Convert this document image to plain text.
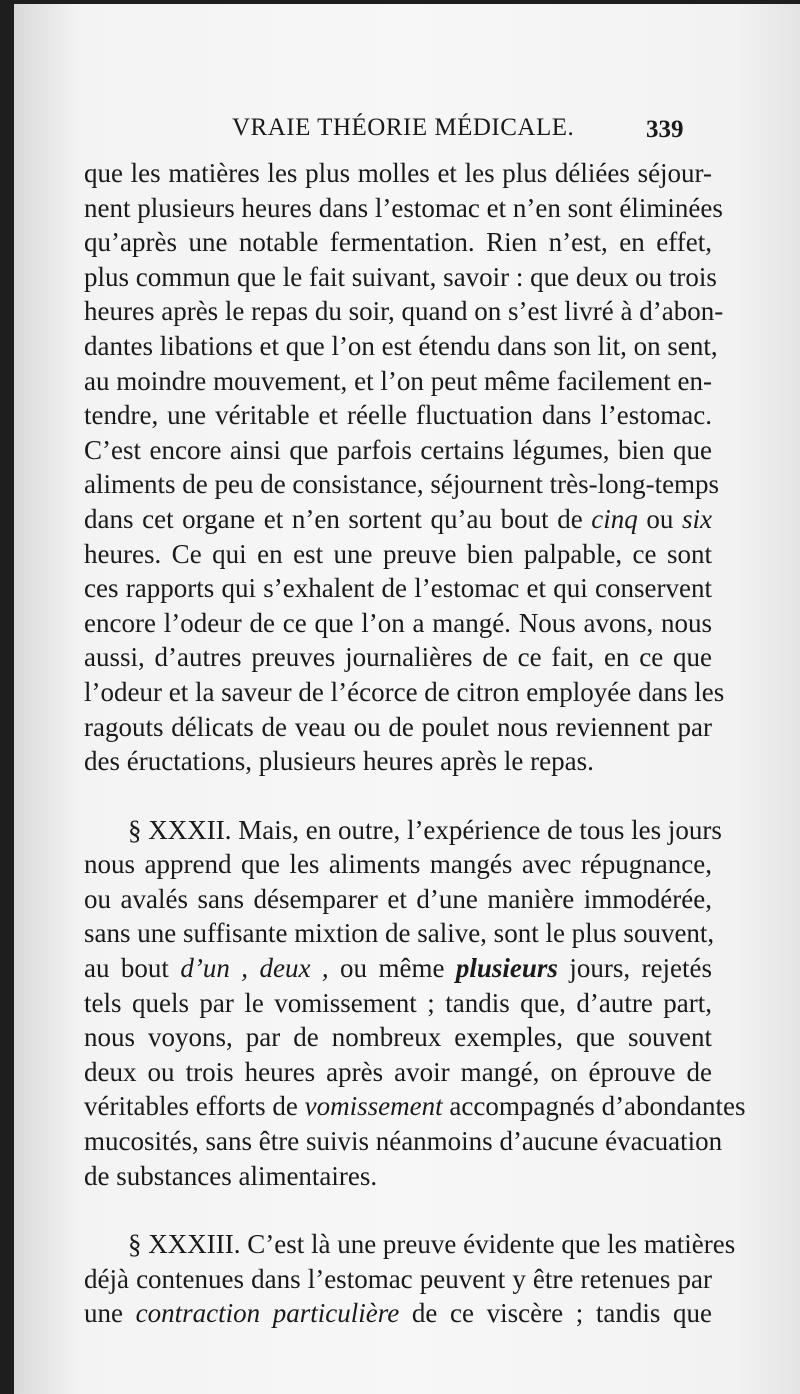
VRAIE THÉORIE MÉDICALE.	339
que les matières les plus molles et les plus déliées séjour-
nent plusieurs heures dans l’estomac et n’en sont éliminées
qu’après une notable fermentation. Rien n’est, en effet,
plus commun que le fait suivant, savoir : que deux ou trois
heures après le repas du soir, quand on s’est livré à d’abon-
dantes libations et que l’on est étendu dans son lit, on sent,
au moindre mouvement, et l’on peut même facilement en-
tendre, une véritable et réelle fluctuation dans l’estomac.
C’est encore ainsi que parfois certains légumes, bien que
aliments de peu de consistance, séjournent très-long-temps
dans cet organe et n’en sortent qu’au bout de cinq ou six
heures. Ce qui en est une preuve bien palpable, ce sont
ces rapports qui s’exhalent de l’estomac et qui conservent
encore l’odeur de ce que l’on a mangé. Nous avons, nous
aussi, d’autres preuves journalières de ce fait, en ce que
l’odeur et la saveur de l’écorce de citron employée dans les
ragouts délicats de veau ou de poulet nous reviennent par
des éructations, plusieurs heures après le repas.
§ XXXII. Mais, en outre, l’expérience de tous les jours
nous apprend que les aliments mangés avec répugnance,
ou avalés sans désemparer et d’une manière immodérée,
sans une suffisante mixtion de salive, sont le plus souvent,
au bout d’un , deux , ou même plusieurs jours, rejetés
tels quels par le vomissement ; tandis que, d’autre part,
nous voyons, par de nombreux exemples, que souvent
deux ou trois heures après avoir mangé, on éprouve de
véritables efforts de vomissement accompagnés d’abondantes
mucosités, sans être suivis néanmoins d’aucune évacuation
de substances alimentaires.
§ XXXIII. C’est là une preuve évidente que les matières
déjà contenues dans l’estomac peuvent y être retenues par
une contraction particulière de ce viscère ; tandis que
